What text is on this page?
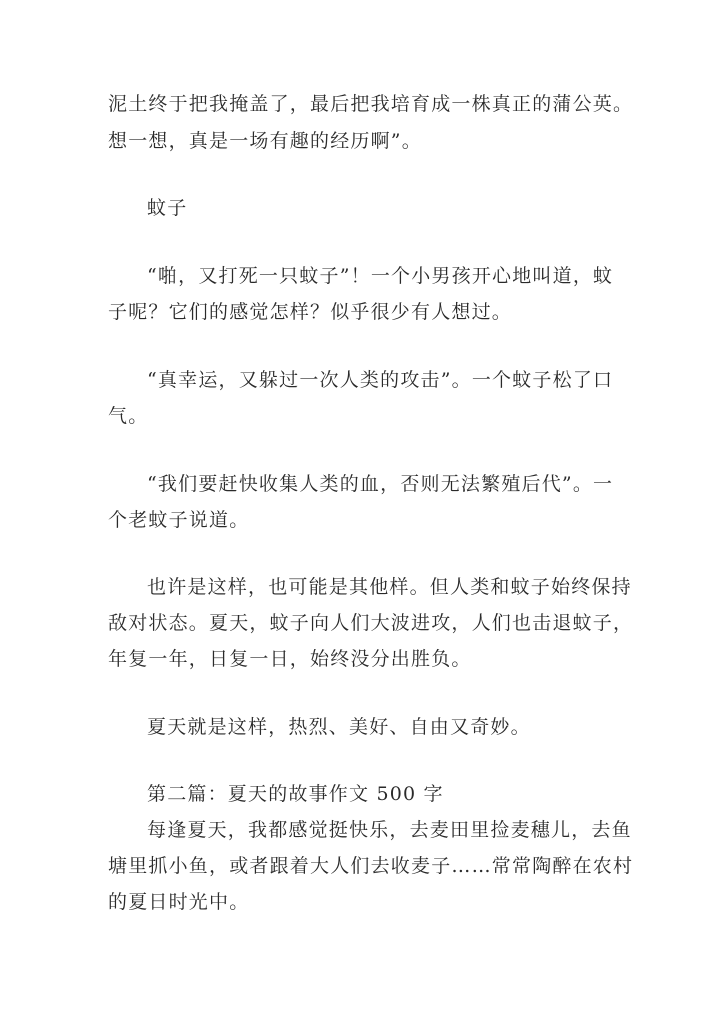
泥土终于把我掩盖了，最后把我培育成一株真正的蒲公英。
想一想，真是一场有趣的经历啊”。
蚊子
“啪，又打死一只蚊子”！一个小男孩开心地叫道，蚊
子呢？它们的感觉怎样？似乎很少有人想过。
“真幸运，又躲过一次人类的攻击”。一个蚊子松了口
气。
“我们要赶快收集人类的血，否则无法繁殖后代”。一
个老蚊子说道。
也许是这样，也可能是其他样。但人类和蚊子始终保持
敌对状态。夏天，蚊子向人们大波进攻，人们也击退蚊子，
年复一年，日复一日，始终没分出胜负。
夏天就是这样，热烈、美好、自由又奇妙。
第二篇：夏天的故事作文 500 字
每逢夏天，我都感觉挺快乐，去麦田里捡麦穗儿，去鱼
塘里抓小鱼，或者跟着大人们去收麦子……常常陶醉在农村
的夏日时光中。
